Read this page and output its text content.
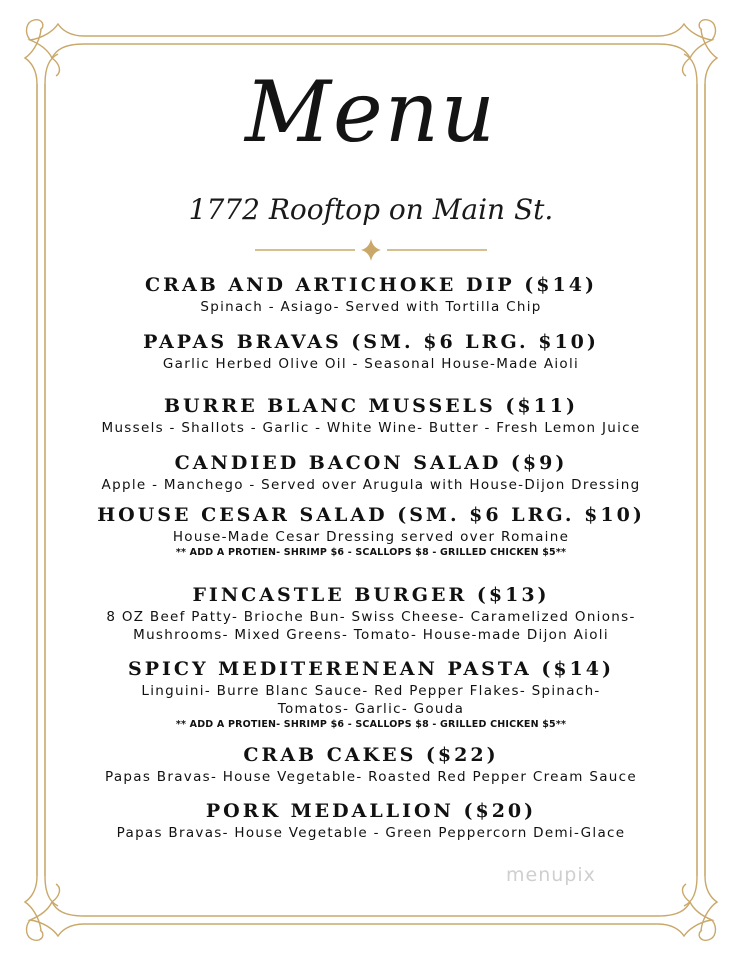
Menu
1772 Rooftop on Main St.
CRAB AND ARTICHOKE DIP ($14)
Spinach - Asiago- Served with Tortilla Chip
PAPAS BRAVAS (SM. $6 LRG. $10)
Garlic Herbed Olive Oil - Seasonal House-Made Aioli
BURRE BLANC MUSSELS ($11)
Mussels - Shallots - Garlic - White Wine- Butter - Fresh Lemon Juice
CANDIED BACON SALAD ($9)
Apple - Manchego - Served over Arugula with House-Dijon Dressing
HOUSE CESAR SALAD (SM. $6 LRG. $10)
House-Made Cesar Dressing served over Romaine
** ADD A PROTIEN- SHRIMP $6 - SCALLOPS $8 - GRILLED CHICKEN $5**
FINCASTLE BURGER ($13)
8 OZ Beef Patty- Brioche Bun- Swiss Cheese- Caramelized Onions-
Mushrooms- Mixed Greens- Tomato- House-made Dijon Aioli
SPICY MEDITERENEAN PASTA ($14)
Linguini- Burre Blanc Sauce- Red Pepper Flakes- Spinach-
Tomatos- Garlic- Gouda
** ADD A PROTIEN- SHRIMP $6 - SCALLOPS $8 - GRILLED CHICKEN $5**
CRAB CAKES ($22)
Papas Bravas- House Vegetable- Roasted Red Pepper Cream Sauce
PORK MEDALLION ($20)
Papas Bravas- House Vegetable - Green Peppercorn Demi-Glace
menupix
